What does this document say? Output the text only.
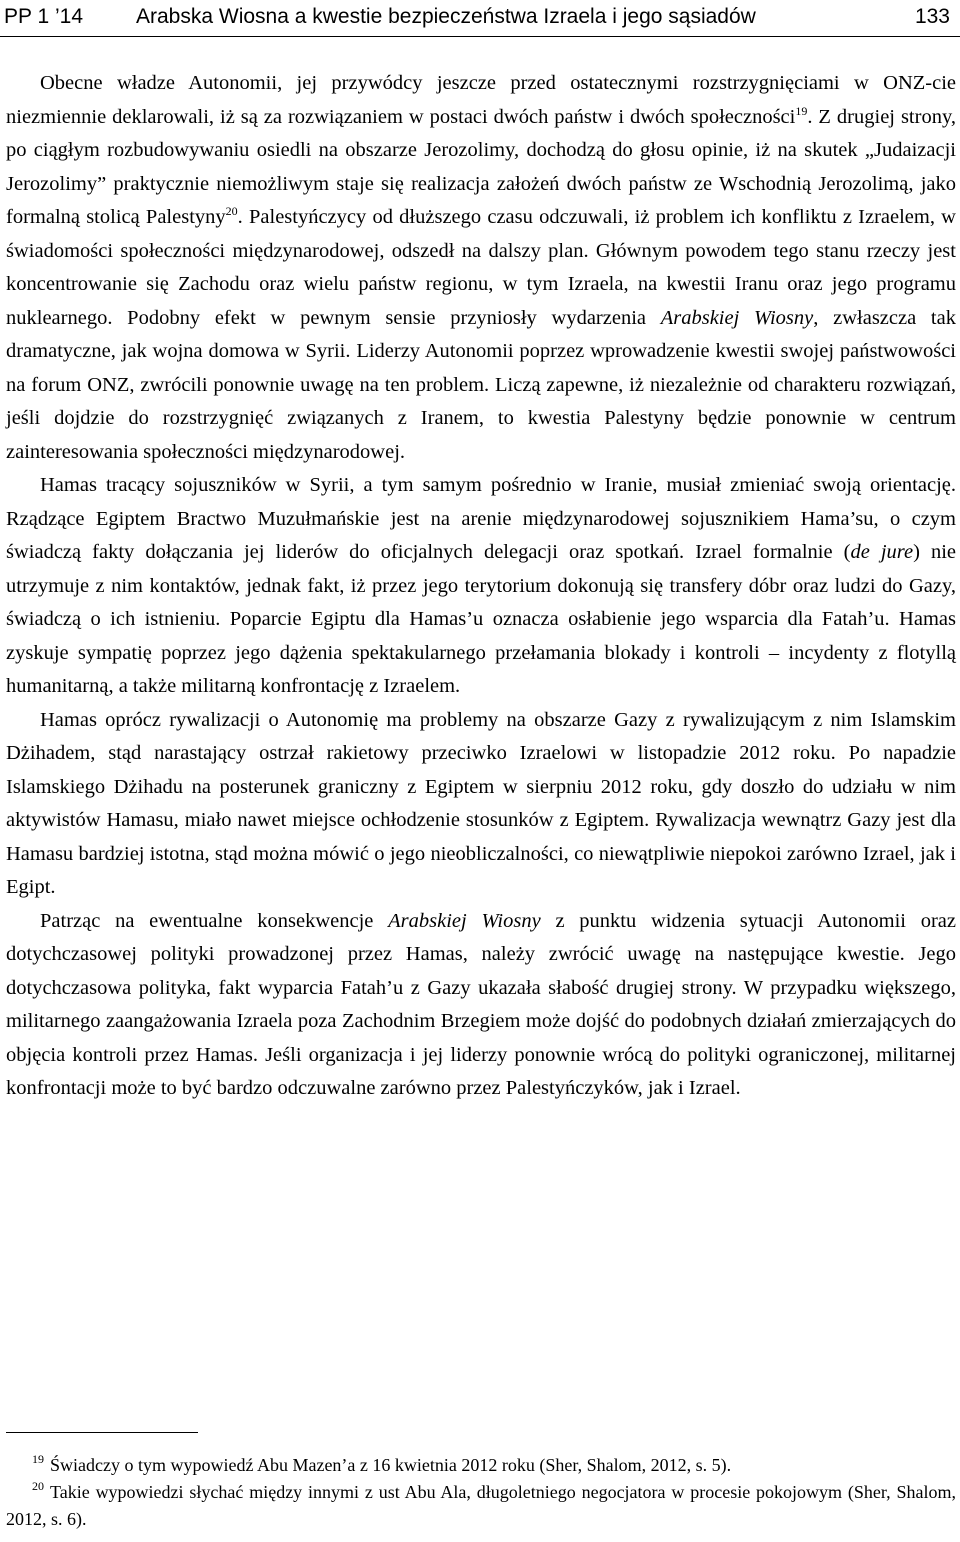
PP 1 ’14	Arabska Wiosna a kwestie bezpieczeństwa Izraela i jego sąsiadów	133

Obecne władze Autonomii, jej przywódcy jeszcze przed ostatecznymi rozstrzygnięciami w ONZ-cie niezmiennie deklarowali, iż są za rozwiązaniem w postaci dwóch państw i dwóch społeczności$^{19}$. Z drugiej strony, po ciągłym rozbudowywaniu osiedli na obszarze Jerozolimy, dochodzą do głosu opinie, iż na skutek „Judaizacji Jerozolimy” praktycznie niemożliwym staje się realizacja założeń dwóch państw ze Wschodnią Jerozolimą, jako formalną stolicą Palestyny$^{20}$. Palestyńczycy od dłuższego czasu odczuwali, iż problem ich konfliktu z Izraelem, w świadomości społeczności międzynarodowej, odszedł na dalszy plan. Głównym powodem tego stanu rzeczy jest koncentrowanie się Zachodu oraz wielu państw regionu, w tym Izraela, na kwestii Iranu oraz jego programu nuklearnego. Podobny efekt w pewnym sensie przyniosły wydarzenia Arabskiej Wiosny, zwłaszcza tak dramatyczne, jak wojna domowa w Syrii. Liderzy Autonomii poprzez wprowadzenie kwestii swojej państwowości na forum ONZ, zwrócili ponownie uwagę na ten problem. Liczą zapewne, iż niezależnie od charakteru rozwiązań, jeśli dojdzie do rozstrzygnięć związanych z Iranem, to kwestia Palestyny będzie ponownie w centrum zainteresowania społeczności międzynarodowej.

Hamas tracący sojuszników w Syrii, a tym samym pośrednio w Iranie, musiał zmieniać swoją orientację. Rządzące Egiptem Bractwo Muzułmańskie jest na arenie międzynarodowej sojusznikiem Hama’su, o czym świadczą fakty dołączania jej liderów do oficjalnych delegacji oraz spotkań. Izrael formalnie (de jure) nie utrzymuje z nim kontaktów, jednak fakt, iż przez jego terytorium dokonują się transfery dóbr oraz ludzi do Gazy, świadczą o ich istnieniu. Poparcie Egiptu dla Hamas’u oznacza osłabienie jego wsparcia dla Fatah’u. Hamas zyskuje sympatię poprzez jego dążenia spektakularnego przełamania blokady i kontroli – incydenty z flotyllą humanitarną, a także militarną konfrontację z Izraelem.

Hamas oprócz rywalizacji o Autonomię ma problemy na obszarze Gazy z rywalizującym z nim Islamskim Dżihadem, stąd narastający ostrzał rakietowy przeciwko Izraelowi w listopadzie 2012 roku. Po napadzie Islamskiego Dżihadu na posterunek graniczny z Egiptem w sierpniu 2012 roku, gdy doszło do udziału w nim aktywistów Hamasu, miało nawet miejsce ochłodzenie stosunków z Egiptem. Rywalizacja wewnątrz Gazy jest dla Hamasu bardziej istotna, stąd można mówić o jego nieobliczalności, co niewątpliwie niepokoi zarówno Izrael, jak i Egipt.

Patrząc na ewentualne konsekwencje Arabskiej Wiosny z punktu widzenia sytuacji Autonomii oraz dotychczasowej polityki prowadzonej przez Hamas, należy zwrócić uwagę na następujące kwestie. Jego dotychczasowa polityka, fakt wyparcia Fatah’u z Gazy ukazała słabość drugiej strony. W przypadku większego, militarnego zaangażowania Izraela poza Zachodnim Brzegiem może dojść do podobnych działań zmierzających do objęcia kontroli przez Hamas. Jeśli organizacja i jej liderzy ponownie wrócą do polityki ograniczonej, militarnej konfrontacji może to być bardzo odczuwalne zarówno przez Palestyńczyków, jak i Izrael.

$^{19}$ Świadczy o tym wypowiedź Abu Mazen’a z 16 kwietnia 2012 roku (Sher, Shalom, 2012, s. 5).

$^{20}$ Takie wypowiedzi słychać między innymi z ust Abu Ala, długoletniego negocjatora w procesie pokojowym (Sher, Shalom, 2012, s. 6).
